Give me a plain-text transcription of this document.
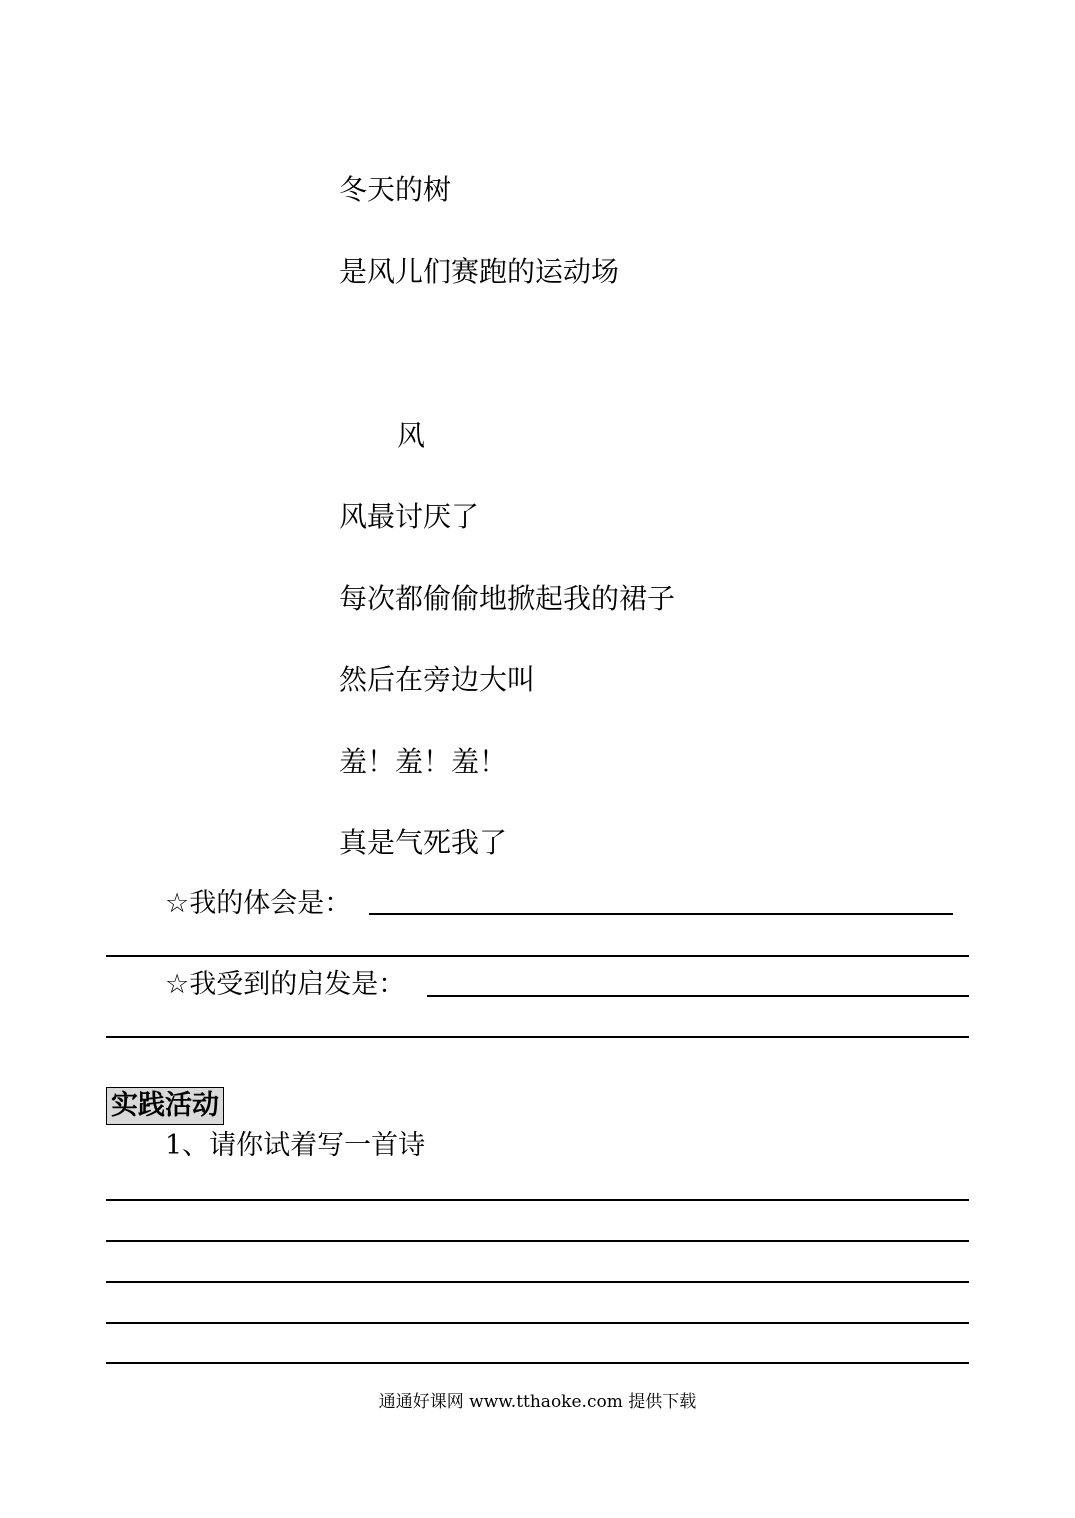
冬天的树
是风儿们赛跑的运动场
风
风最讨厌了
每次都偷偷地掀起我的裙子
然后在旁边大叫
羞！羞！羞！
真是气死我了
☆我的体会是：
☆我受到的启发是：
实践活动
1、请你试着写一首诗
通通好课网 www.tthaoke.com 提供下载
